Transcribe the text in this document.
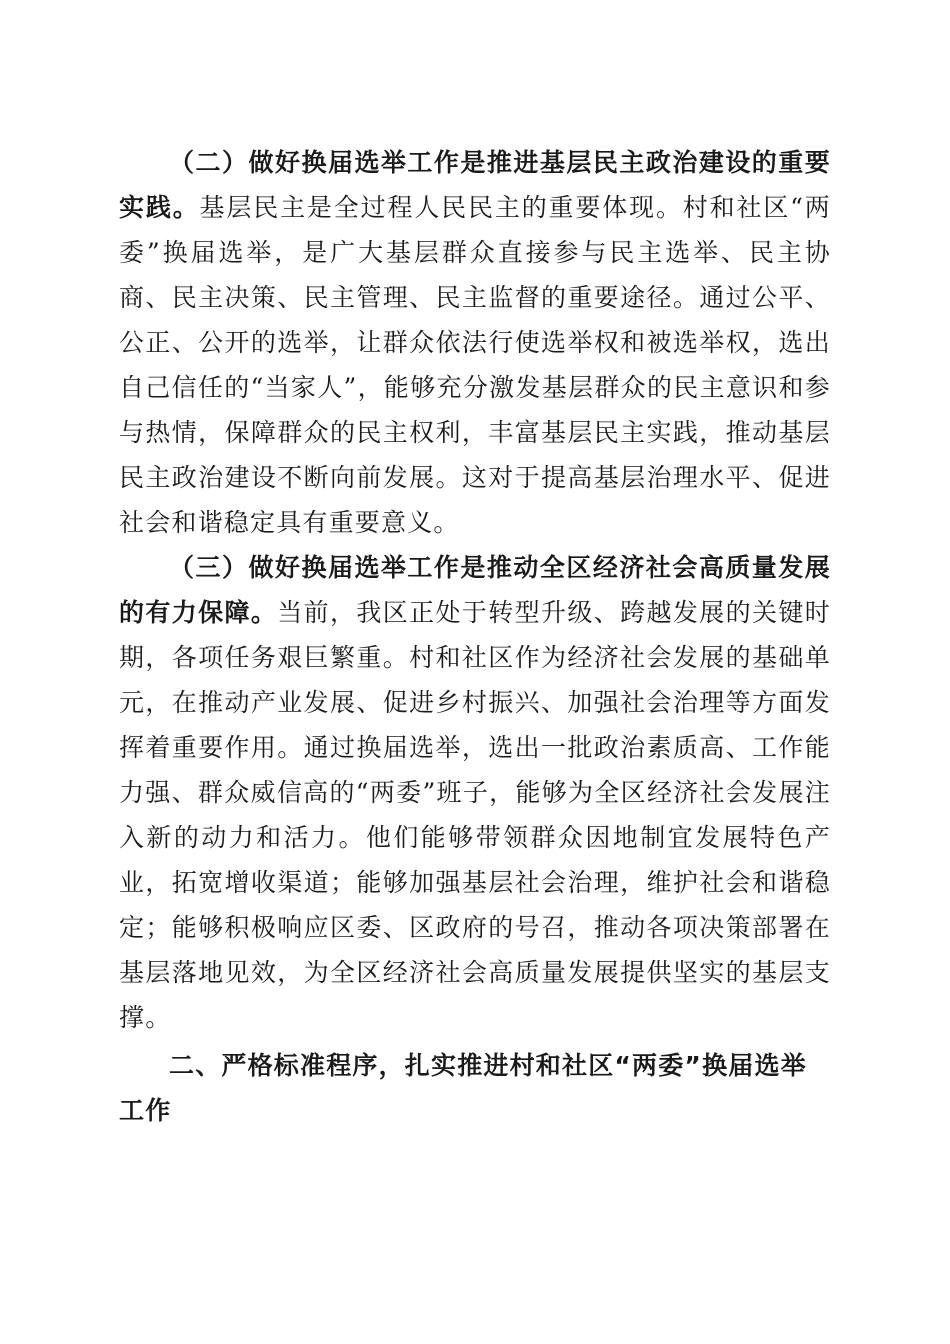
（二）做好换届选举工作是推进基层民主政治建设的重要实践。基层民主是全过程人民民主的重要体现。村和社区“两委”换届选举，是广大基层群众直接参与民主选举、民主协商、民主决策、民主管理、民主监督的重要途径。通过公平、公正、公开的选举，让群众依法行使选举权和被选举权，选出自己信任的“当家人”，能够充分激发基层群众的民主意识和参与热情，保障群众的民主权利，丰富基层民主实践，推动基层民主政治建设不断向前发展。这对于提高基层治理水平、促进社会和谐稳定具有重要意义。

（三）做好换届选举工作是推动全区经济社会高质量发展的有力保障。当前，我区正处于转型升级、跨越发展的关键时期，各项任务艰巨繁重。村和社区作为经济社会发展的基础单元，在推动产业发展、促进乡村振兴、加强社会治理等方面发挥着重要作用。通过换届选举，选出一批政治素质高、工作能力强、群众威信高的“两委”班子，能够为全区经济社会发展注入新的动力和活力。他们能够带领群众因地制宜发展特色产业，拓宽增收渠道；能够加强基层社会治理，维护社会和谐稳定；能够积极响应区委、区政府的号召，推动各项决策部署在基层落地见效，为全区经济社会高质量发展提供坚实的基层支撑。

二、严格标准程序，扎实推进村和社区“两委”换届选举工作
